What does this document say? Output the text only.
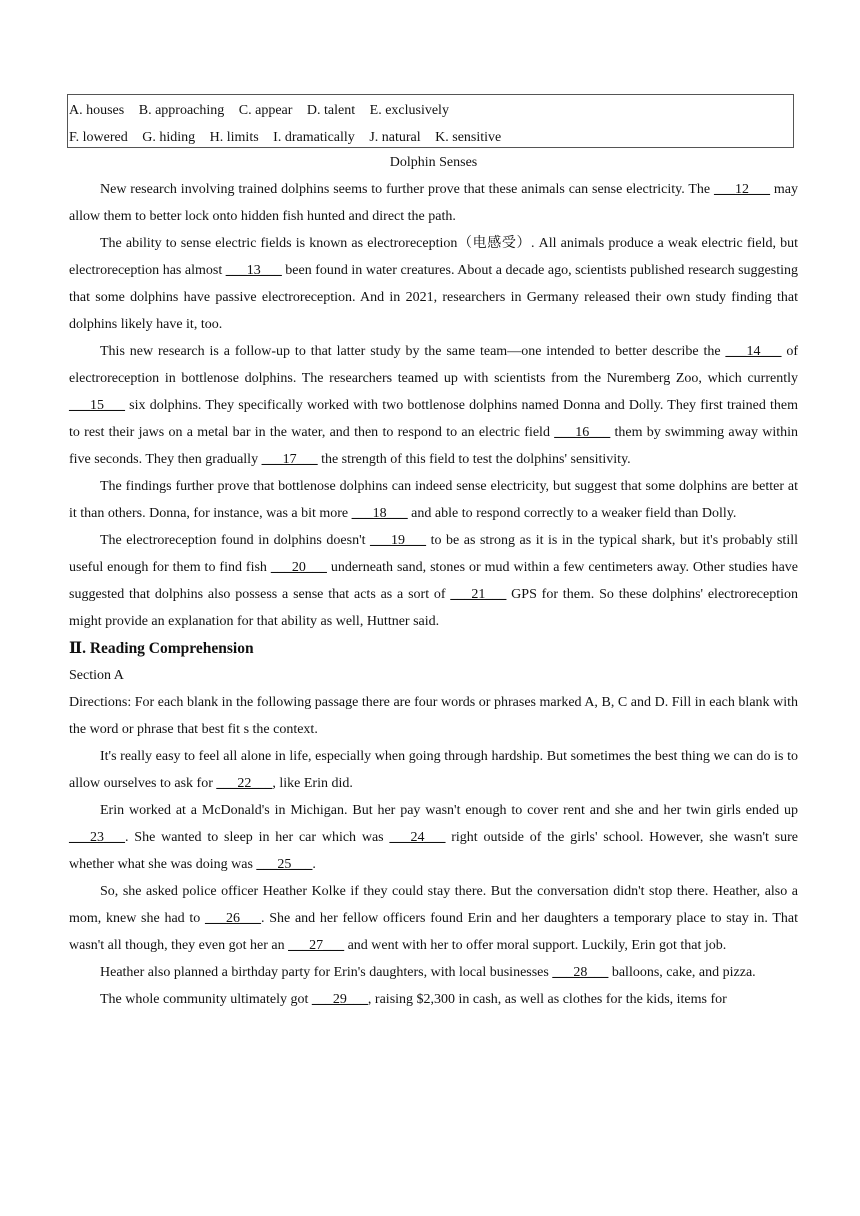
A. houses B. approaching C. appear D. talent E. exclusively
F. lowered G. hiding H. limits I. dramatically J. natural K. sensitive
Dolphin Senses

New research involving trained dolphins seems to further prove that these animals can sense electricity. The ___12___ may allow them to better lock onto hidden fish hunted and direct the path.

The ability to sense electric fields is known as electroreception（电感受）. All animals produce a weak electric field, but electroreception has almost ___13___ been found in water creatures. About a decade ago, scientists published research suggesting that some dolphins have passive electroreception. And in 2021, researchers in Germany released their own study finding that dolphins likely have it, too.

This new research is a follow-up to that latter study by the same team—one intended to better describe the ___14___ of electroreception in bottlenose dolphins. The researchers teamed up with scientists from the Nuremberg Zoo, which currently ___15___ six dolphins. They specifically worked with two bottlenose dolphins named Donna and Dolly. They first trained them to rest their jaws on a metal bar in the water, and then to respond to an electric field ___16___ them by swimming away within five seconds. They then gradually ___17___ the strength of this field to test the dolphins' sensitivity.

The findings further prove that bottlenose dolphins can indeed sense electricity, but suggest that some dolphins are better at it than others. Donna, for instance, was a bit more ___18___ and able to respond correctly to a weaker field than Dolly.

The electroreception found in dolphins doesn't ___19___ to be as strong as it is in the typical shark, but it's probably still useful enough for them to find fish ___20___ underneath sand, stones or mud within a few centimeters away. Other studies have suggested that dolphins also possess a sense that acts as a sort of ___21___ GPS for them. So these dolphins' electroreception might provide an explanation for that ability as well, Huttner said.

Ⅱ. Reading Comprehension

Section A

Directions: For each blank in the following passage there are four words or phrases marked A, B, C and D. Fill in each blank with the word or phrase that best fit s the context.

It's really easy to feel all alone in life, especially when going through hardship. But sometimes the best thing we can do is to allow ourselves to ask for ___22___, like Erin did.

Erin worked at a McDonald's in Michigan. But her pay wasn't enough to cover rent and she and her twin girls ended up ___23___. She wanted to sleep in her car which was ___24___ right outside of the girls' school. However, she wasn't sure whether what she was doing was ___25___.

So, she asked police officer Heather Kolke if they could stay there. But the conversation didn't stop there. Heather, also a mom, knew she had to ___26___. She and her fellow officers found Erin and her daughters a temporary place to stay in. That wasn't all though, they even got her an ___27___ and went with her to offer moral support. Luckily, Erin got that job.

Heather also planned a birthday party for Erin's daughters, with local businesses ___28___ balloons, cake, and pizza.

The whole community ultimately got ___29___, raising $2,300 in cash, as well as clothes for the kids, items for
